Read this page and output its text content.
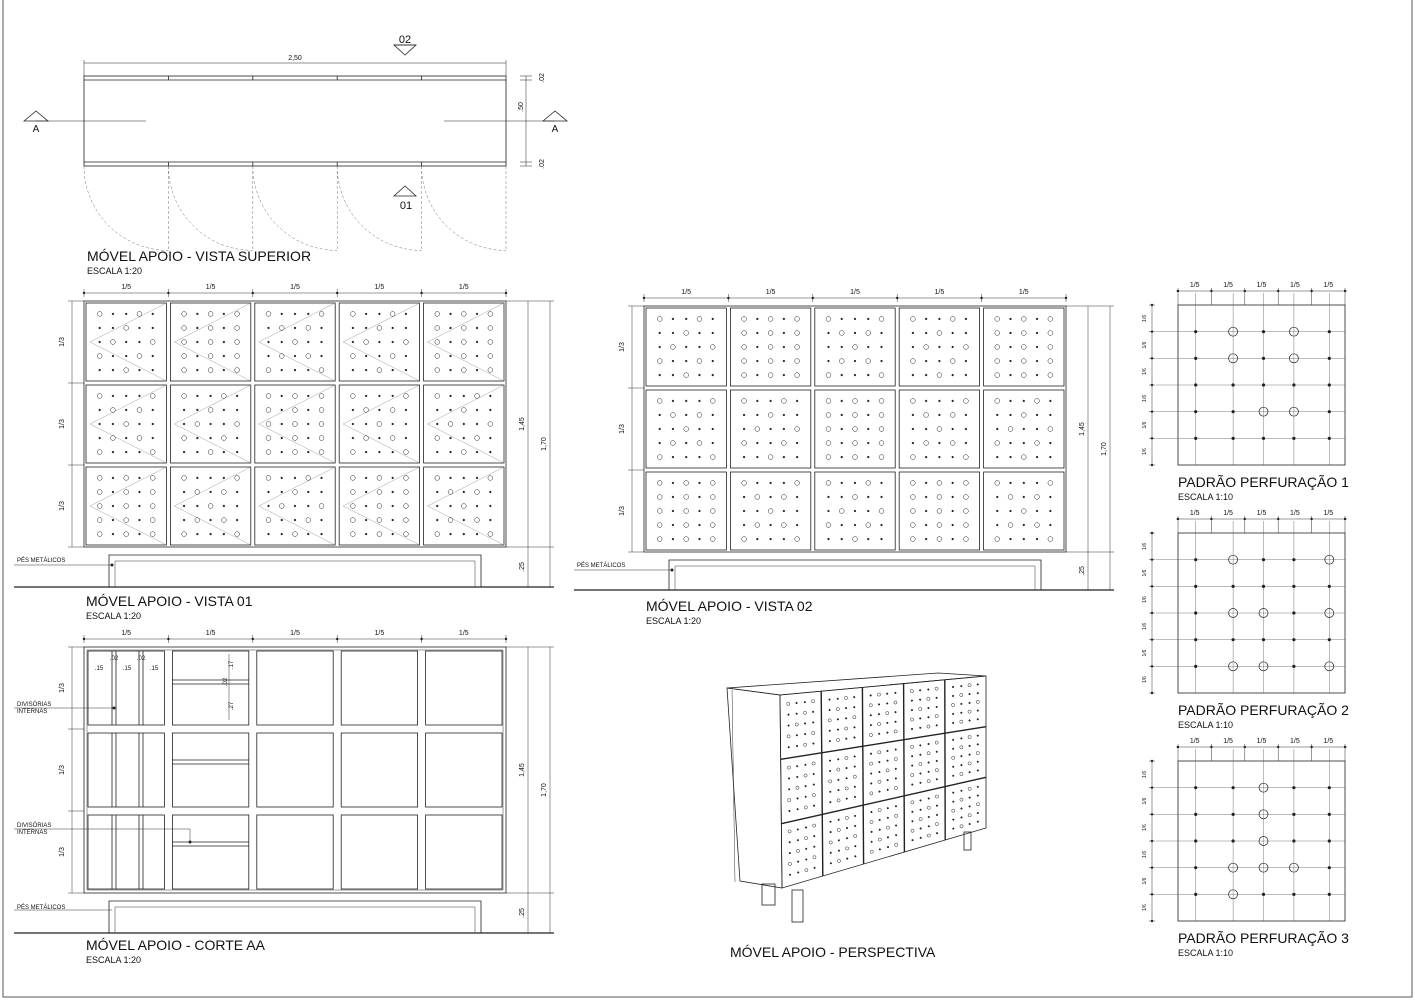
2,50
.02
.50
.02
A	A
02
01
MÓVEL APOIO - VISTA SUPERIOR
ESCALA 1:20
1/5	1/5	1/5	1/5	1/5
1/3
1/3
1/3
1,45
1,70
.25
MÓVEL APOIO - VISTA 01
ESCALA 1:20
PÉS METÁLICOS
1/5	1/5	1/5	1/5	1/5
1/3
1/3
1/3
1,45
1,70
.25
MÓVEL APOIO - VISTA 02
ESCALA 1:20
PÉS METÁLICOS
1/5	1/5	1/5	1/5	1/5
1/3
1/3
1/3
1,45
1,70
.25
MÓVEL APOIO - CORTE AA
ESCALA 1:20
DIVISÓRIAS
INTERNAS
DIVISÓRIAS
INTERNAS
PÉS METÁLICOS
.15
.02
.15
.02
.15	.17
.02
.27
MÓVEL APOIO - PERSPECTIVA
1/5	1/5	1/5	1/5	1/5
1/6
1/6
1/6
1/6
1/6
1/6
1/5	1/5	1/5	1/5	1/5
1/6
1/6
1/6
1/6
1/6
1/6
1/5	1/5	1/5	1/5	1/5
1/6
1/6
1/6
1/6
1/6
1/6
PADRÃO PERFURAÇÃO 1
ESCALA 1:10
PADRÃO PERFURAÇÃO 2
ESCALA 1:10
PADRÃO PERFURAÇÃO 3
ESCALA 1:10
